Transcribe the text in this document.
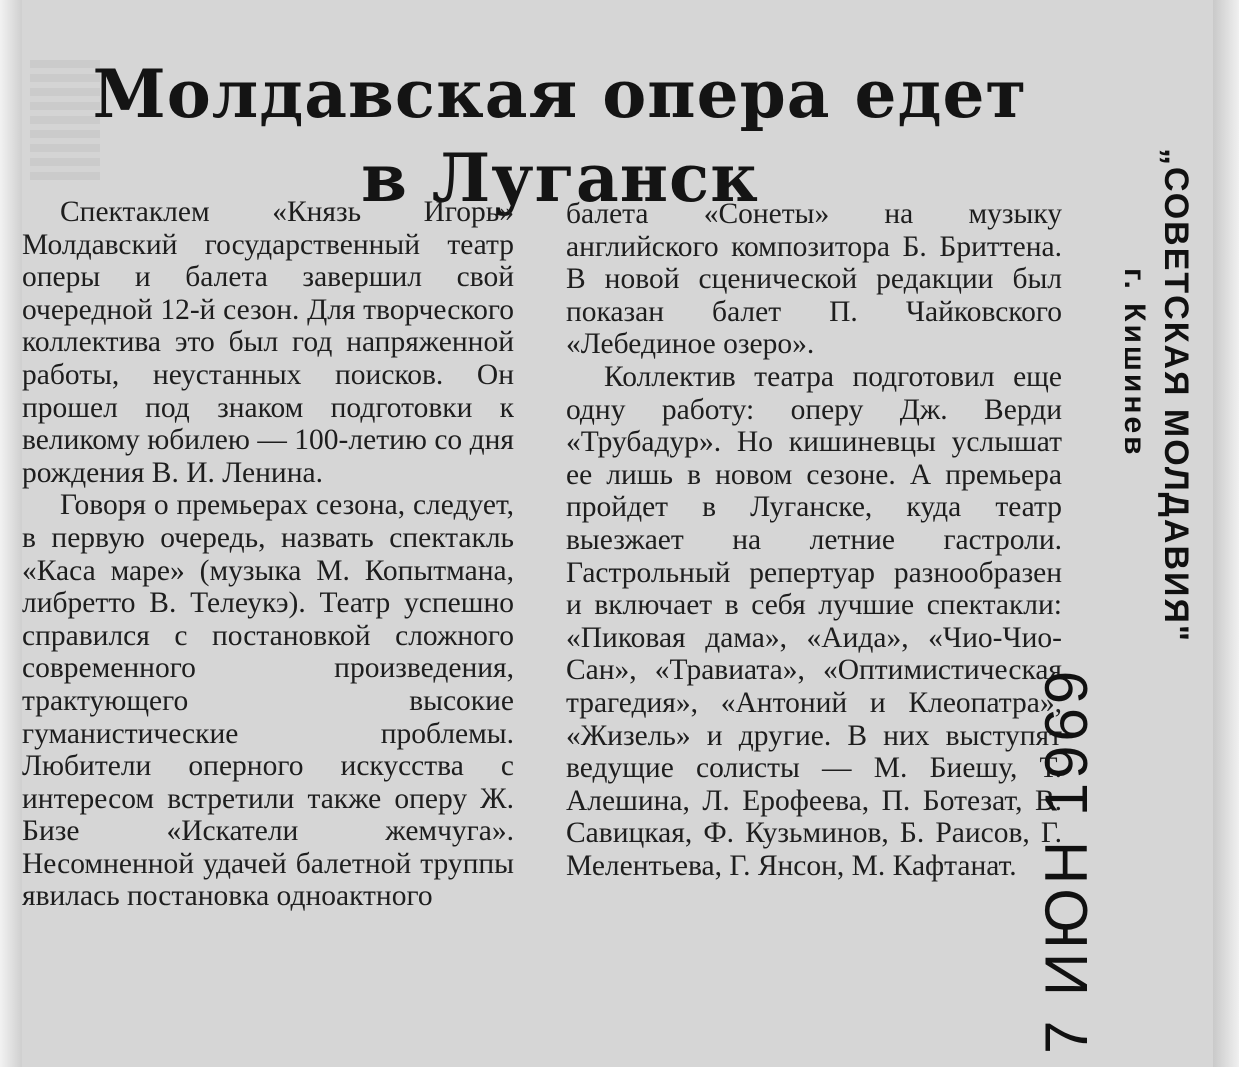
Молдавская опера едет
в Луганск

Спектаклем «Князь Игорь» Молдавский государственный театр оперы и балета завершил свой очередной 12-й сезон. Для творческого коллектива это был год напряженной работы, неустанных поисков. Он прошел под знаком подготовки к великому юбилею — 100-летию со дня рождения В. И. Ленина.

Говоря о премьерах сезона, следует, в первую очередь, назвать спектакль «Каса маре» (музыка М. Копытмана, либретто В. Телеукэ). Театр успешно справился с постановкой сложного современного произведения, трактующего высокие гуманистические проблемы. Любители оперного искусства с интересом встретили также оперу Ж. Бизе «Искатели жемчуга». Несомненной удачей балетной труппы явилась постановка одноактного

балета «Сонеты» на музыку английского композитора Б. Бриттена. В новой сценической редакции был показан балет П. Чайковского «Лебединое озеро».

Коллектив театра подготовил еще одну работу: оперу Дж. Верди «Трубадур». Но кишиневцы услышат ее лишь в новом сезоне. А премьера пройдет в Луганске, куда театр выезжает на летние гастроли. Гастрольный репертуар разнообразен и включает в себя лучшие спектакли: «Пиковая дама», «Аида», «Чио-Чио-Сан», «Травиата», «Оптимистическая трагедия», «Антоний и Клеопатра», «Жизель» и другие. В них выступят ведущие солисты — М. Биешу, Т. Алешина, Л. Ерофеева, П. Ботезат, В. Савицкая, Ф. Кузьминов, Б. Раисов, Г. Мелентьева, Г. Янсон, М. Кафтанат. 7 ИЮН 1969
„СОВЕТСКАЯ МОЛДАВИЯ"
г. Кишинев
